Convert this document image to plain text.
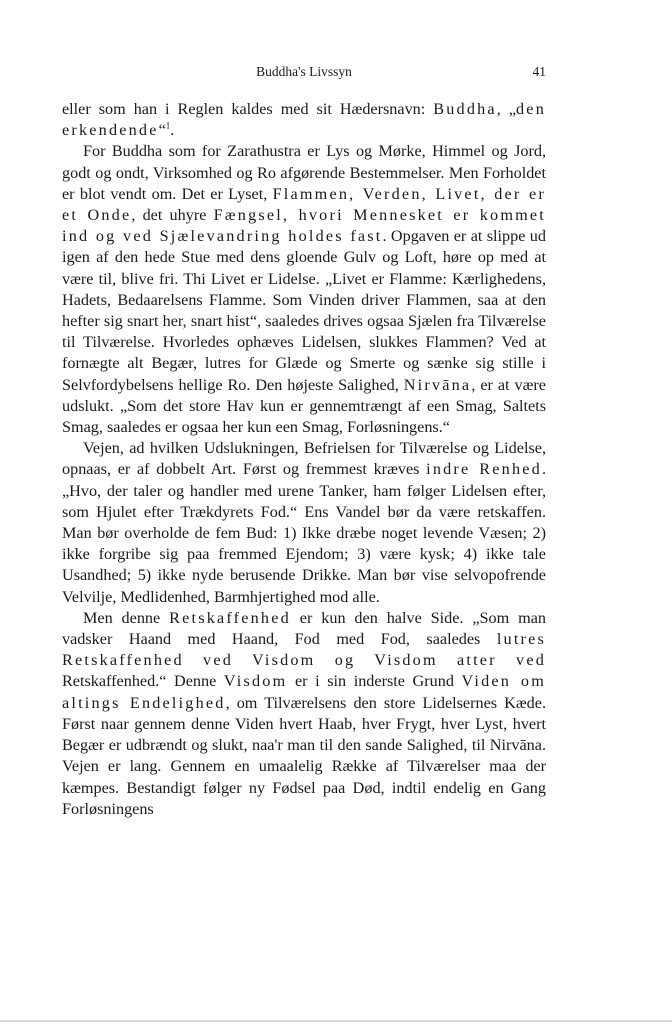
Buddha's Livssyn	41

eller som han i Reglen kaldes med sit Hædersnavn: Buddha, „den erkendende“$^1$.

For Buddha som for Zarathustra er Lys og Mørke, Himmel og Jord, godt og ondt, Virksomhed og Ro afgørende Bestemmelser. Men Forholdet er blot vendt om. Det er Lyset, Flammen, Verden, Livet, der er et Onde, det uhyre Fængsel, hvori Mennesket er kommet ind og ved Sjælevandring holdes fast. Opgaven er at slippe ud igen af den hede Stue med dens gloende Gulv og Loft, høre op med at være til, blive fri. Thi Livet er Lidelse. „Livet er Flamme: Kærlighedens, Hadets, Bedaarelsens Flamme. Som Vinden driver Flammen, saa at den hefter sig snart her, snart hist“, saaledes drives ogsaa Sjælen fra Tilværelse til Tilværelse. Hvorledes ophæves Lidelsen, slukkes Flammen? Ved at fornægte alt Begær, lutres for Glæde og Smerte og sænke sig stille i Selvfordybelsens hellige Ro. Den højeste Salighed, Nirvāna, er at være udslukt. „Som det store Hav kun er gennemtrængt af een Smag, Saltets Smag, saaledes er ogsaa her kun een Smag, Forløsningens.“

Vejen, ad hvilken Udslukningen, Befrielsen for Tilværelse og Lidelse, opnaas, er af dobbelt Art. Først og fremmest kræves indre Renhed. „Hvo, der taler og handler med urene Tanker, ham følger Lidelsen efter, som Hjulet efter Trækdyrets Fod.“ Ens Vandel bør da være retskaffen. Man bør overholde de fem Bud: 1) Ikke dræbe noget levende Væsen; 2) ikke forgribe sig paa fremmed Ejendom; 3) være kysk; 4) ikke tale Usandhed; 5) ikke nyde berusende Drikke. Man bør vise selvopofrende Velvilje, Medlidenhed, Barmhjertighed mod alle.

Men denne Retskaffenhed er kun den halve Side. „Som man vadsker Haand med Haand, Fod med Fod, saaledes lutres Retskaffenhed ved Visdom og Visdom atter ved Retskaffenhed.“ Denne Visdom er i sin inderste Grund Viden om altings Endelighed, om Tilværelsens den store Lidelsernes Kæde. Først naar gennem denne Viden hvert Haab, hver Frygt, hver Lyst, hvert Begær er udbrændt og slukt, naa'r man til den sande Salighed, til Nirvāna. Vejen er lang. Gennem en umaalelig Række af Tilværelser maa der kæmpes. Bestandigt følger ny Fødsel paa Død, indtil endelig en Gang Forløsningens
